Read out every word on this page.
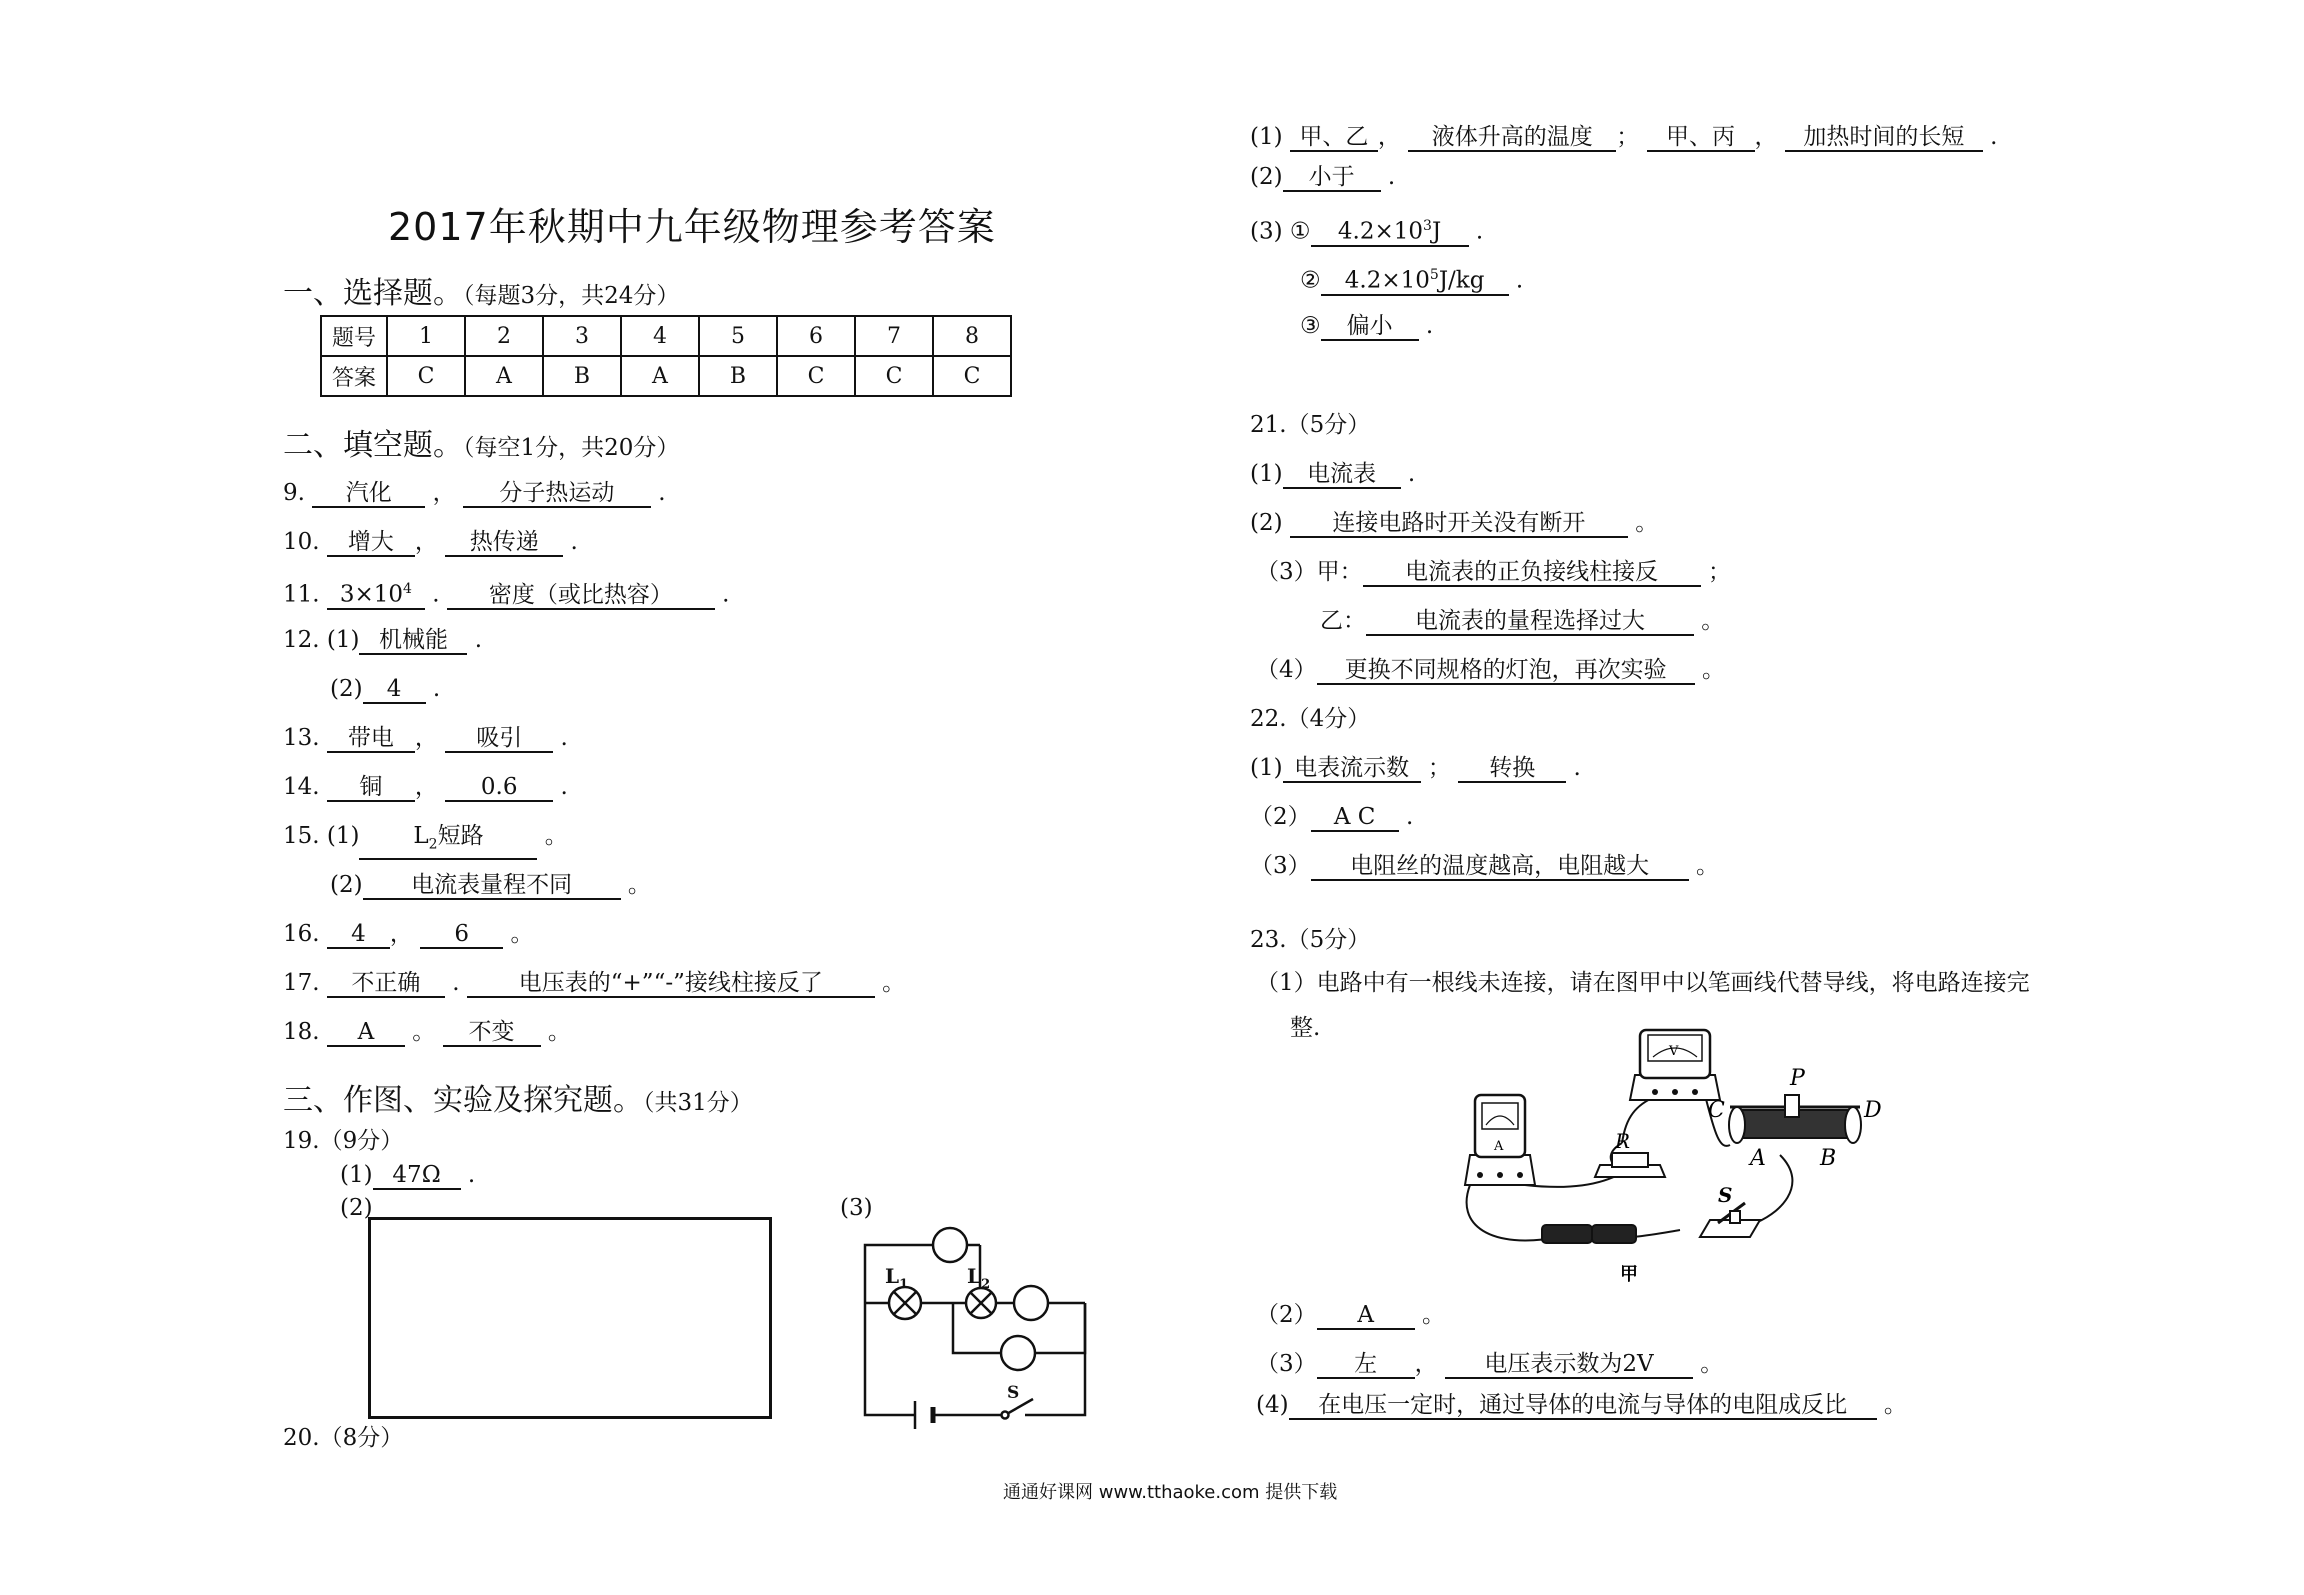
2017年秋期中九年级物理参考答案
一、选择题。（每题3分，共24分）
题号	1	2	3	4	5	6	7	8
答案	C	A	B	A	B	C	C	C
二、填空题。（每空1分，共20分）
9. 汽化 ， 分子热运动 .
10. 增大 ， 热传递 .
11. $3\times 10^4$ . 密度（或比热容） .
12. (1) 机械能 .
(2) 4 .
13. 带电 ， 吸引 .
14. 铜 ， 0.6 .
15. (1) $L_2$短路 。
(2) 电流表量程不同 。
16. 4 ， 6 。
17. 不正确 . 电压表的“+”“-”接线柱接反了 。
18. A 。 不变 。
三、作图、实验及探究题。（共31分）
19.（9分）
(1) 47Ω .
(2)	(3)
$L_1$	$L_2$
S
20.（8分）
(1) 甲、乙 ， 液体升高的温度 ； 甲、丙 ， 加热时间的长短 .
(2) 小于 .
(3) ① $4.2\times 10^3J$ .
② $4.2\times 10^5J/kg$ .
③ 偏小 .
21.（5分）
(1) 电流表 .
(2) 连接电路时开关没有断开 。
（3）甲： 电流表的正负接线柱接反 ；
乙： 电流表的量程选择过大 。
（4） 更换不同规格的灯泡，再次实验 。
22.（4分）
(1) 电表流示数 ； 转换 .
（2） A C .
（3） 电阻丝的温度越高，电阻越大 。
23.（5分）
（1）电路中有一根线未连接，请在图甲中以笔画线代替导线，将电路连接完
整.
A
V
R
P
C	D
A B
S
甲
（2） A 。
（3） 左 ， 电压表示数为2V 。
(4) 在电压一定时，通过导体的电流与导体的电阻成反比 。
通通好课网 www.tthaoke.com 提供下载
